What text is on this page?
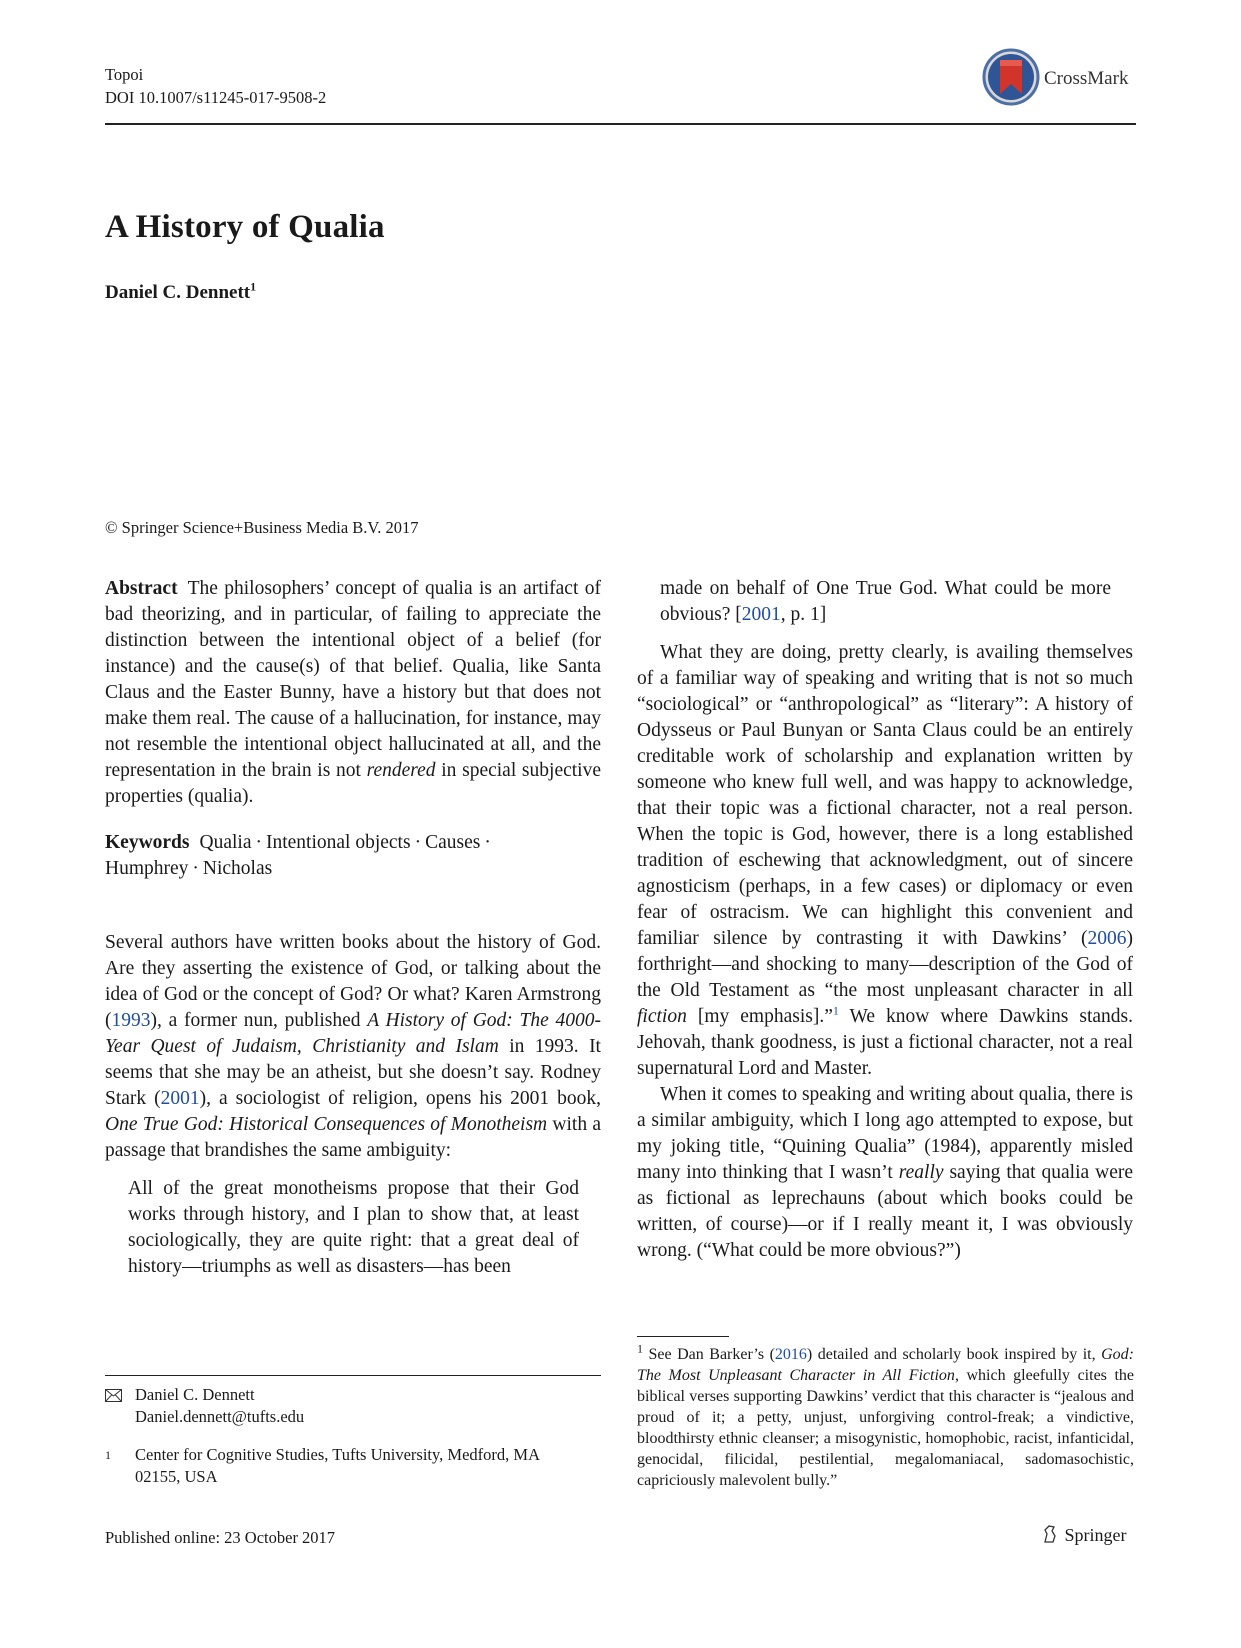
Topoi
DOI 10.1007/s11245-017-9508-2
CrossMark
A History of Qualia
Daniel C. Dennett$^1$
© Springer Science+Business Media B.V. 2017

Abstract The philosophers’ concept of qualia is an artifact of bad theorizing, and in particular, of failing to appreciate the distinction between the intentional object of a belief (for instance) and the cause(s) of that belief. Qualia, like Santa Claus and the Easter Bunny, have a history but that does not make them real. The cause of a hallucination, for instance, may not resemble the intentional object hallucinated at all, and the representation in the brain is not rendered in special subjective properties (qualia).

Keywords Qualia · Intentional objects · Causes ·
Humphrey · Nicholas

Several authors have written books about the history of God. Are they asserting the existence of God, or talking about the idea of God or the concept of God? Or what? Karen Armstrong (1993), a former nun, published A History of God: The 4000-Year Quest of Judaism, Christianity and Islam in 1993. It seems that she may be an atheist, but she doesn’t say. Rodney Stark (2001), a sociologist of religion, opens his 2001 book, One True God: Historical Consequences of Monotheism with a passage that brandishes the same ambiguity:

All of the great monotheisms propose that their God works through history, and I plan to show that, at least sociologically, they are quite right: that a great deal of history—triumphs as well as disasters—has been

made on behalf of One True God. What could be more obvious? [2001, p. 1]

What they are doing, pretty clearly, is availing themselves of a familiar way of speaking and writing that is not so much “sociological” or “anthropological” as “literary”: A history of Odysseus or Paul Bunyan or Santa Claus could be an entirely creditable work of scholarship and explanation written by someone who knew full well, and was happy to acknowledge, that their topic was a fictional character, not a real person. When the topic is God, however, there is a long established tradition of eschewing that acknowledgment, out of sincere agnosticism (perhaps, in a few cases) or diplomacy or even fear of ostracism. We can highlight this convenient and familiar silence by contrasting it with Dawkins’ (2006) forthright—and shocking to many—description of the God of the Old Testament as “the most unpleasant character in all fiction [my emphasis].”$^1$ We know where Dawkins stands. Jehovah, thank goodness, is just a fictional character, not a real supernatural Lord and Master.

When it comes to speaking and writing about qualia, there is a similar ambiguity, which I long ago attempted to expose, but my joking title, “Quining Qualia” (1984), apparently misled many into thinking that I wasn’t really saying that qualia were as fictional as leprechauns (about which books could be written, of course)—or if I really meant it, I was obviously wrong. (“What could be more obvious?”)

$^1$ See Dan Barker’s (2016) detailed and scholarly book inspired by it, God: The Most Unpleasant Character in All Fiction, which gleefully cites the biblical verses supporting Dawkins’ verdict that this character is “jealous and proud of it; a petty, unjust, unforgiving control-freak; a vindictive, bloodthirsty ethnic cleanser; a misogynistic, homophobic, racist, infanticidal, genocidal, filicidal, pestilential, megalomaniacal, sadomasochistic, capriciously malevolent bully.”
Daniel C. Dennett
Daniel.dennett@tufts.edu
1 Center for Cognitive Studies, Tufts University, Medford, MA 02155, USA
Published online: 23 October 2017	Springer
